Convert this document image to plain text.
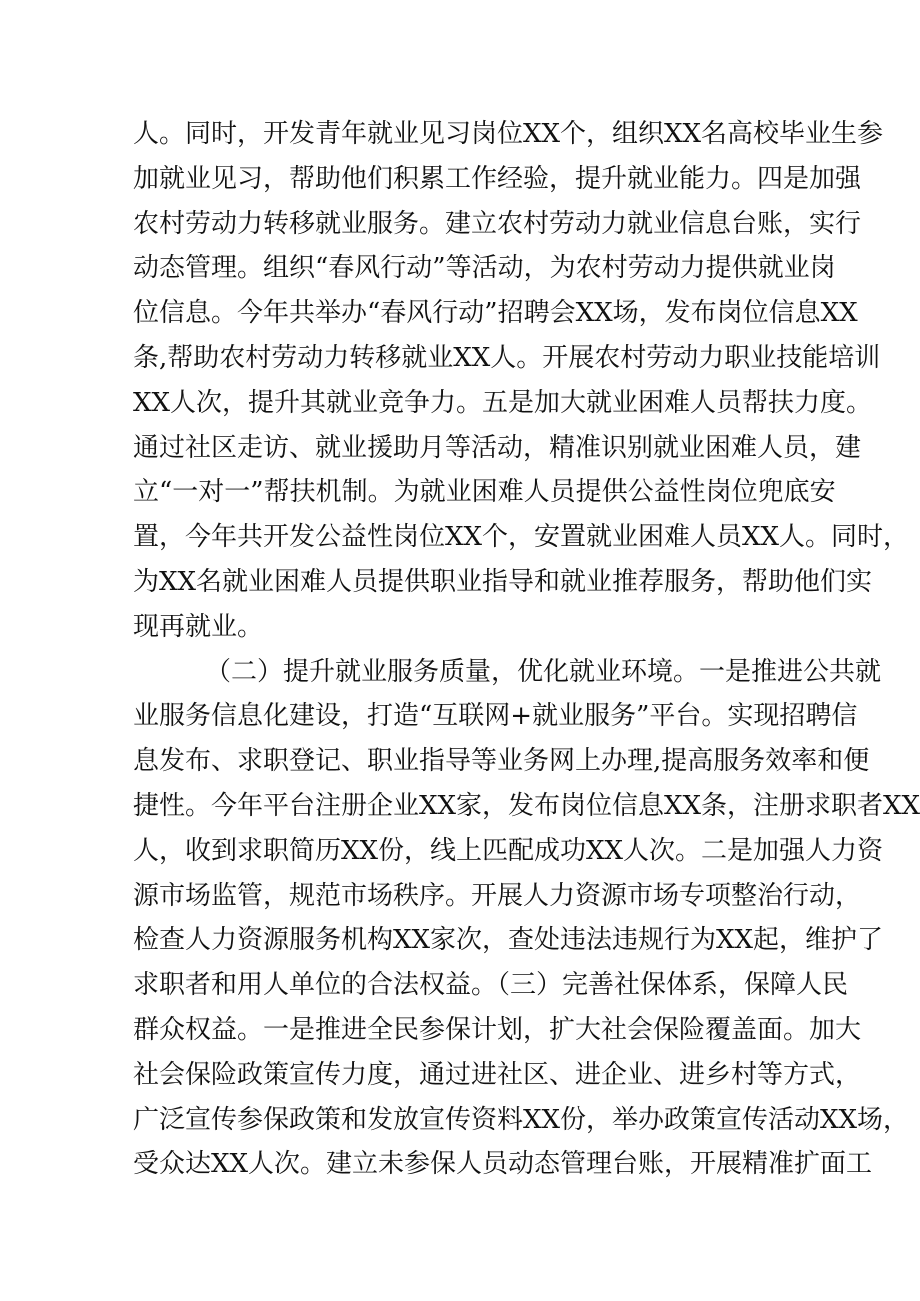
人。同时，开发青年就业见习岗位XX个，组织XX名高校毕业生参
加就业见习，帮助他们积累工作经验，提升就业能力。四是加强
农村劳动力转移就业服务。建立农村劳动力就业信息台账，实行
动态管理。组织“春风行动”等活动，为农村劳动力提供就业岗
位信息。今年共举办“春风行动”招聘会XX场，发布岗位信息XX
条,帮助农村劳动力转移就业XX人。开展农村劳动力职业技能培训
XX人次，提升其就业竞争力。五是加大就业困难人员帮扶力度。
通过社区走访、就业援助月等活动，精准识别就业困难人员，建
立“一对一”帮扶机制。为就业困难人员提供公益性岗位兜底安
置，今年共开发公益性岗位XX个，安置就业困难人员XX人。同时，
为XX名就业困难人员提供职业指导和就业推荐服务，帮助他们实
现再就业。
（二）提升就业服务质量，优化就业环境。一是推进公共就
业服务信息化建设，打造“互联网+就业服务”平台。实现招聘信
息发布、求职登记、职业指导等业务网上办理,提高服务效率和便
捷性。今年平台注册企业XX家，发布岗位信息XX条，注册求职者XX
人，收到求职简历XX份，线上匹配成功XX人次。二是加强人力资
源市场监管，规范市场秩序。开展人力资源市场专项整治行动，
检查人力资源服务机构XX家次，查处违法违规行为XX起，维护了
求职者和用人单位的合法权益。（三）完善社保体系，保障人民
群众权益。一是推进全民参保计划，扩大社会保险覆盖面。加大
社会保险政策宣传力度，通过进社区、进企业、进乡村等方式，
广泛宣传参保政策和发放宣传资料XX份，举办政策宣传活动XX场，
受众达XX人次。建立未参保人员动态管理台账，开展精准扩面工
